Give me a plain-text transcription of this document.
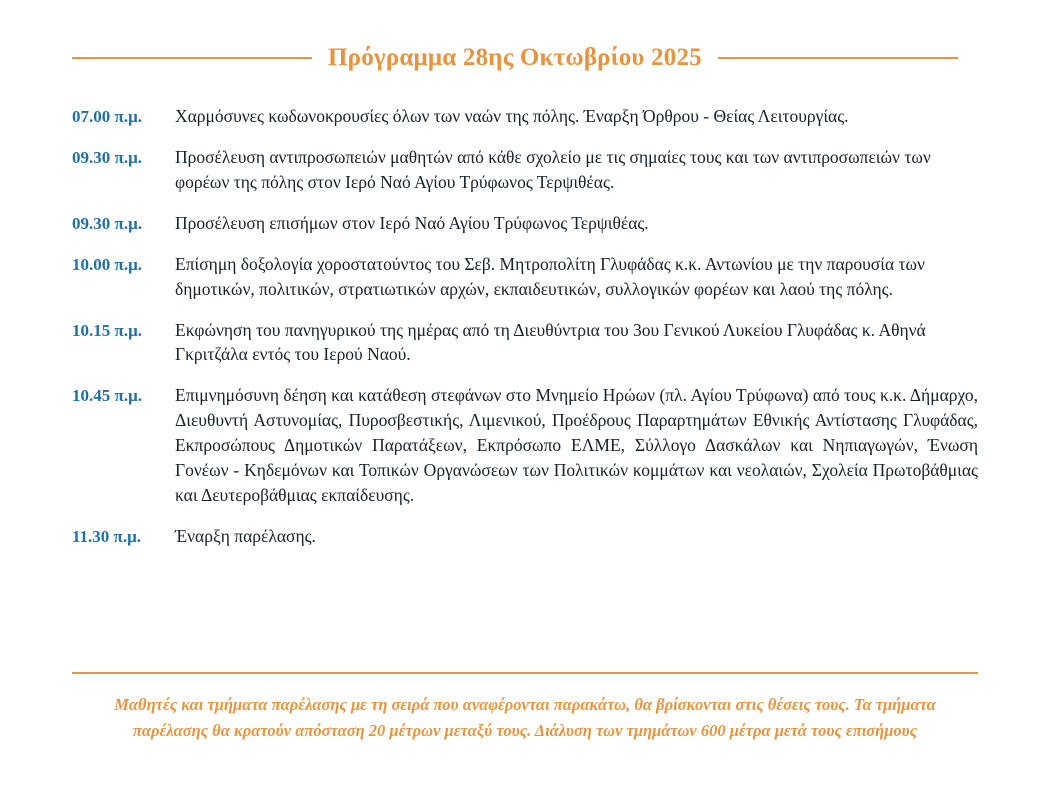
Πρόγραμμα 28ης Οκτωβρίου 2025
07.00 π.μ.	Χαρμόσυνες κωδωνοκρουσίες όλων των ναών της πόλης. Έναρξη Όρθρου - Θείας Λειτουργίας.
09.30 π.μ.	Προσέλευση αντιπροσωπειών μαθητών από κάθε σχολείο με τις σημαίες τους και των αντιπροσωπειών των φορέων της πόλης στον Ιερό Ναό Αγίου Τρύφωνος Τερψιθέας.
09.30 π.μ.	Προσέλευση επισήμων στον Ιερό Ναό Αγίου Τρύφωνος Τερψιθέας.
10.00 π.μ.	Επίσημη δοξολογία χοροστατούντος του Σεβ. Μητροπολίτη Γλυφάδας κ.κ. Αντωνίου με την παρουσία των δημοτικών, πολιτικών, στρατιωτικών αρχών, εκπαιδευτικών, συλλογικών φορέων και λαού της πόλης.
10.15 π.μ.	Εκφώνηση του πανηγυρικού της ημέρας από τη Διευθύντρια του 3ου Γενικού Λυκείου Γλυφάδας κ. Αθηνά Γκριτζάλα εντός του Ιερού Ναού.
10.45 π.μ.	Επιμνημόσυνη δέηση και κατάθεση στεφάνων στο Μνημείο Ηρώων (πλ. Αγίου Τρύφωνα) από τους κ.κ. Δήμαρχο, Διευθυντή Αστυνομίας, Πυροσβεστικής, Λιμενικού, Προέδρους Παραρτημάτων Εθνικής Αντίστασης Γλυφάδας, Εκπροσώπους Δημοτικών Παρατάξεων, Εκπρόσωπο ΕΛΜΕ, Σύλλογο Δασκάλων και Νηπιαγωγών, Ένωση Γονέων - Κηδεμόνων και Τοπικών Οργανώσεων των Πολιτικών κομμάτων και νεολαιών, Σχολεία Πρωτοβάθμιας και Δευτεροβάθμιας εκπαίδευσης.
11.30 π.μ.	Έναρξη παρέλασης.
Μαθητές και τμήματα παρέλασης με τη σειρά που αναφέρονται παρακάτω, θα βρίσκονται στις θέσεις τους. Τα τμήματα
παρέλασης θα κρατούν απόσταση 20 μέτρων μεταξύ τους. Διάλυση των τμημάτων 600 μέτρα μετά τους επισήμους
